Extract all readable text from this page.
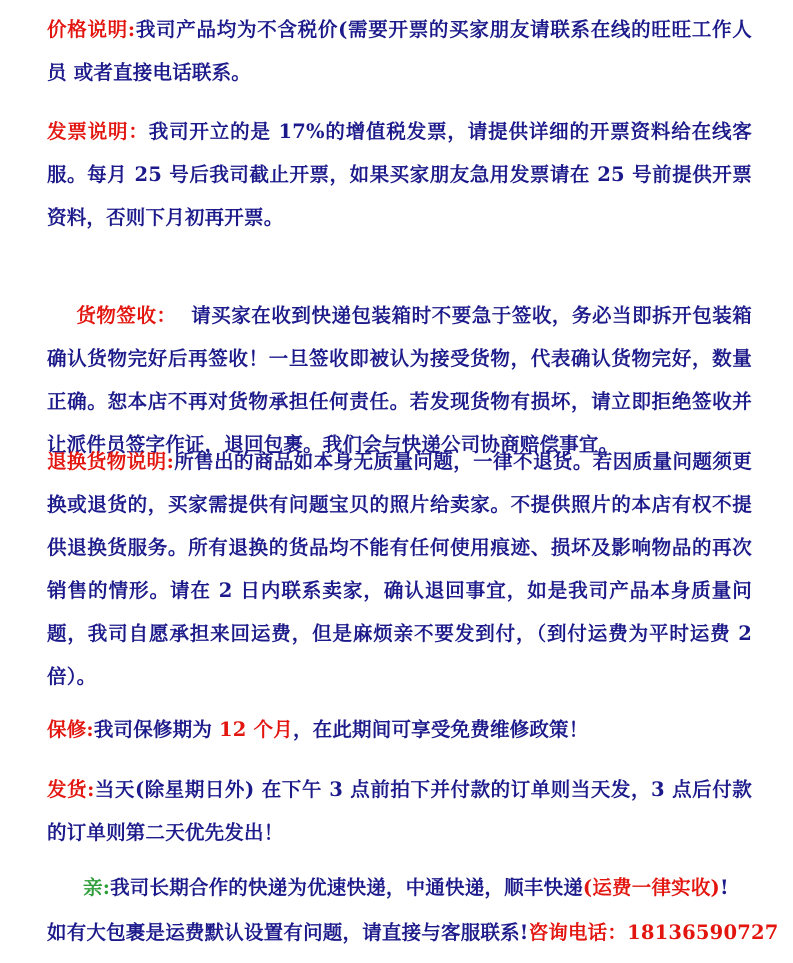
价格说明:我司产品均为不含税价(需要开票的买家朋友请联系在线的旺旺工作人员 或者直接电话联系。

发票说明：我司开立的是 17%的增值税发票，请提供详细的开票资料给在线客服。每月 25 号后我司截止开票，如果买家朋友急用发票请在 25 号前提供开票资料，否则下月初再开票。

货物签收：  请买家在收到快递包装箱时不要急于签收，务必当即拆开包装箱确认货物完好后再签收！一旦签收即被认为接受货物，代表确认货物完好，数量正确。恕本店不再对货物承担任何责任。若发现货物有损坏，请立即拒绝签收并让派件员签字作证，退回包裹。我们会与快递公司协商赔偿事宜。

退换货物说明:所售出的商品如本身无质量问题，一律不退货。若因质量问题须更换或退货的，买家需提供有问题宝贝的照片给卖家。不提供照片的本店有权不提供退换货服务。所有退换的货品均不能有任何使用痕迹、损坏及影响物品的再次销售的情形。请在 2 日内联系卖家，确认退回事宜，如是我司产品本身质量问题，我司自愿承担来回运费，但是麻烦亲不要发到付，（到付运费为平时运费 2 倍）。

保修:我司保修期为 12 个月，在此期间可享受免费维修政策！

发货:当天(除星期日外) 在下午 3 点前拍下并付款的订单则当天发，3 点后付款的订单则第二天优先发出！

亲:我司长期合作的快递为优速快递，中通快递，顺丰快递(运费一律实收)!

如有大包裹是运费默认设置有问题，请直接与客服联系!咨询电话：18136590727
